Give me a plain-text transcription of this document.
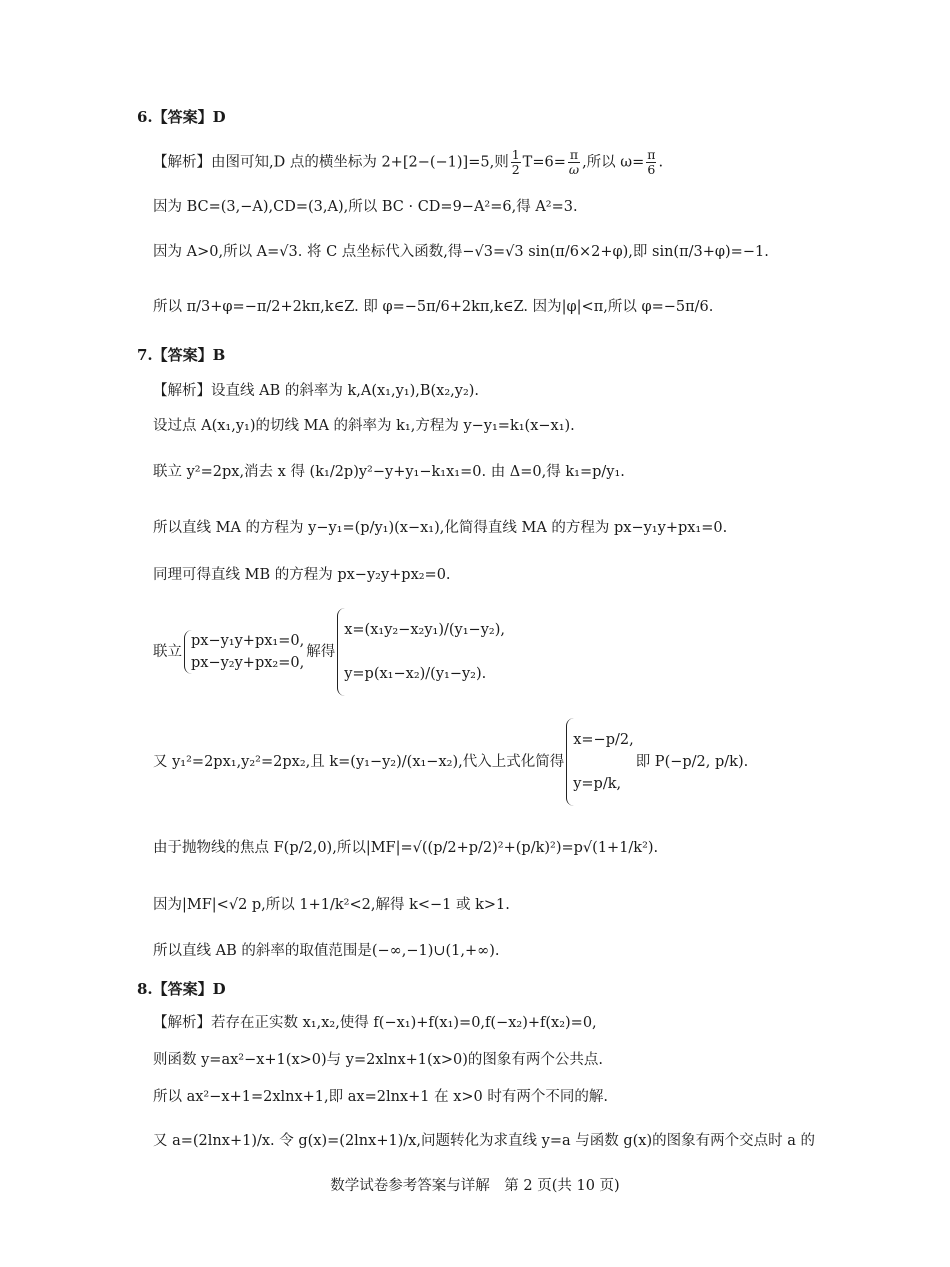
6.【答案】D
【解析】由图可知,D 点的横坐标为 2+[2−(−1)]=5,则 $\frac{1}{2} T=6= \frac{\pi}{\omega}$ ,所以 $\omega= \frac{\pi}{6}$ .
因为 BC=(3,−A),CD=(3,A),所以 BC · CD=9−A²=6,得 A²=3.
因为 A>0,所以 A=√3. 将 C 点坐标代入函数,得−√3=√3 sin(π/6×2+φ),即 sin(π/3+φ)=−1.
所以 π/3+φ=−π/2+2kπ,k∈Z. 即 φ=−5π/6+2kπ,k∈Z. 因为|φ|<π,所以 φ=−5π/6.
7.【答案】B
【解析】设直线 AB 的斜率为 k,A(x₁,y₁),B(x₂,y₂).
设过点 A(x₁,y₁)的切线 MA 的斜率为 k₁,方程为 y−y₁=k₁(x−x₁).
联立 y²=2px,消去 x 得 (k₁/2p)y²−y+y₁−k₁x₁=0. 由 Δ=0,得 k₁=p/y₁.
所以直线 MA 的方程为 y−y₁=(p/y₁)(x−x₁),化简得直线 MA 的方程为 px−y₁y+px₁=0.
同理可得直线 MB 的方程为 px−y₂y+px₂=0.
联立
px−y₁y+px₁=0,
px−y₂y+px₂=0,
解得
x=(x₁y₂−x₂y₁)/(y₁−y₂),
y=p(x₁−x₂)/(y₁−y₂).
又 y₁²=2px₁,y₂²=2px₂,且 k=(y₁−y₂)/(x₁−x₂),代入上式化简得
x=−p/2,
y=p/k,
即 P(−p/2, p/k).
由于抛物线的焦点 F(p/2,0),所以|MF|=√((p/2+p/2)²+(p/k)²)=p√(1+1/k²).
因为|MF|<√2 p,所以 1+1/k²<2,解得 k<−1 或 k>1.
所以直线 AB 的斜率的取值范围是(−∞,−1)∪(1,+∞).
8.【答案】D
【解析】若存在正实数 x₁,x₂,使得 f(−x₁)+f(x₁)=0,f(−x₂)+f(x₂)=0,
则函数 y=ax²−x+1(x>0)与 y=2xlnx+1(x>0)的图象有两个公共点.
所以 ax²−x+1=2xlnx+1,即 ax=2lnx+1 在 x>0 时有两个不同的解.
又 a=(2lnx+1)/x. 令 g(x)=(2lnx+1)/x,问题转化为求直线 y=a 与函数 g(x)的图象有两个交点时 a 的
数学试卷参考答案与详解　第 2 页(共 10 页)
